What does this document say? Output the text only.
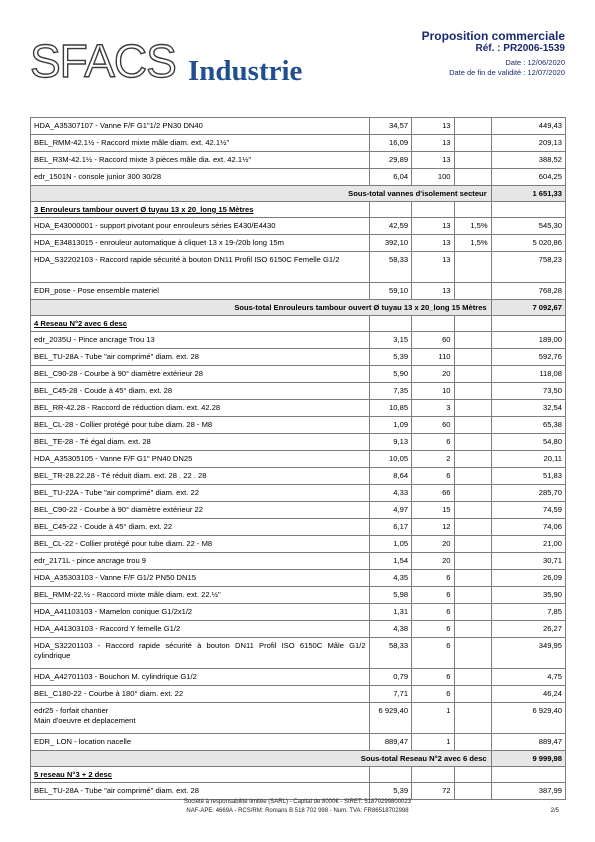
SFACS Industrie
Proposition commerciale
Réf. : PR2006-1539
Date : 12/06/2020
Date de fin de validité : 12/07/2020
HDA_A35307107 - Vanne F/F G1"1/2 PN30 DN40	34,57	13		449,43

BEL_RMM-42.1½ - Raccord mixte mâle diam. ext. 42.1½"	16,09	13		209,13

BEL_R3M-42.1½ - Raccord mixte 3 pièces mâle dia. ext. 42.1½"	29,89	13		388,52

edr_1501N - console junior 300 30/28	6,04	100		604,25
Sous-total vannes d'isolement secteur				1 651,33
3 Enrouleurs tambour ouvert Ø tuyau 13 x 20_long 15 Mètres				

HDA_E43000001 - support pivotant pour enrouleurs séries E430/E4430	42,59	13	1,5%	545,30

HDA_E34813015 - enrouleur automatique à cliquet 13 x 19-/20b long 15m	392,10	13	1,5%	5 020,86

HDA_S32202103 - Raccord rapide sécurité à bouton DN11 Profil ISO 6150C Femelle G1/2	58,33	13		758,23

EDR_pose - Pose ensemble materiel	59,10	13		768,28
Sous-total Enrouleurs tambour ouvert Ø tuyau 13 x 20_long 15 Mètres				7 092,67
4 Reseau N°2 avec 6 desc				

edr_2035U - Pince ancrage Trou 13	3,15	60		189,00

BEL_TU-28A - Tube "air comprimé" diam. ext. 28	5,39	110		592,76

BEL_C90-28 - Courbe à 90° diamètre extérieur 28	5,90	20		118,08

BEL_C45-28 - Coude à 45° diam. ext. 28	7,35	10		73,50

BEL_RR-42.28 - Raccord de réduction diam. ext. 42.28	10,85	3		32,54

BEL_CL-28 - Collier protégé pour tube diam. 28 - M8	1,09	60		65,38

BEL_TE-28 - Té égal diam. ext. 28	9,13	6		54,80

HDA_A35305105 - Vanne F/F G1" PN40 DN25	10,05	2		20,11

BEL_TR-28.22.28 - Té réduit diam. ext. 28 . 22 . 28	8,64	6		51,83

BEL_TU-22A - Tube "air comprimé" diam. ext. 22	4,33	66		285,70

BEL_C90-22 - Courbe à 90° diamètre extérieur 22	4,97	15		74,59

BEL_C45-22 - Coude à 45° diam. ext. 22	6,17	12		74,06

BEL_CL-22 - Collier protégé pour tube diam. 22 - M8	1,05	20		21,00

edr_2171L - pince ancrage trou 9	1,54	20		30,71

HDA_A35303103 - Vanne F/F G1/2 PN50 DN15	4,35	6		26,09

BEL_RMM-22.½ - Raccord mixte mâle diam. ext. 22.½"	5,98	6		35,90

HDA_A41103103 - Mamelon conique G1/2x1/2	1,31	6		7,85

HDA_A41303103 - Raccord Y femelle G1/2	4,38	6		26,27

HDA_S32201103 - Raccord rapide sécurité à bouton DN11 Profil ISO 6150C Mâle G1/2 cylindrique	58,33	6		349,95

HDA_A42701103 - Bouchon M. cylindrique G1/2	0,79	6		4,75

BEL_C180-22 - Courbe à 180° diam. ext. 22	7,71	6		46,24

edr25 - forfait chantier
Main d'oeuvre et deplacement	6 929,40	1		6 929,40

EDR_ LON - location nacelle	889,47	1		889,47
Sous-total Reseau N°2 avec 6 desc				9 999,98
5 reseau N°3 + 2 desc				

BEL_TU-28A - Tube "air comprimé" diam. ext. 28	5,39	72		387,99
Société à responsabilité limitée (SARL) - Capital de 8000€ - SIRET: 51870299800023
NAF-APE: 4669A - RCS/RM: Romans B 518 702 998 - Num. TVA: FR86518702998	2/5
